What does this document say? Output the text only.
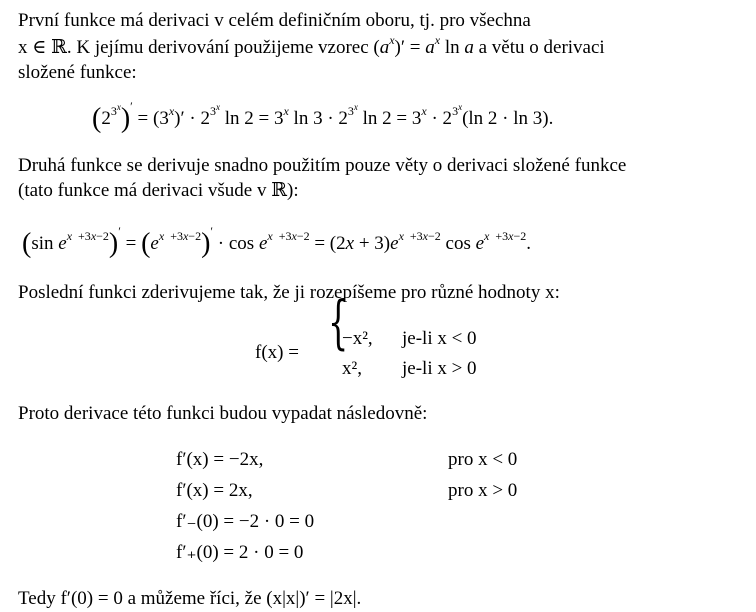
První funkce má derivaci v celém definičním oboru, tj. pro všechna
x ∈ ℝ. K jejímu derivování použijeme vzorec $(a^x)' = a^x$ ln a a větu o derivaci
složené funkce:
$(2^{3^x})' = (3^x)' \cdot 2^{3^x}$ $\ln 2 = 3^x$ $\ln 3 \cdot 2^{3^x}$ $\ln 2 = 3^x \cdot 2^{3^x}(\ln$ 2 · ln 3).
Druhá funkce se derivuje snadno použitím pouze věty o derivaci složené funkce
(tato funkce má derivaci všude v ℝ):
(sin $e^{x +3x-2})' = (e^{x +3x-2})' \cdot \cos e^{x +3x-2} = (2x + 3)e^{x +3x-2}$ $\cos e^{x +3x-2}$.
Poslední funkci zderivujeme tak, že ji rozepíšeme pro různé hodnoty x:
f(x) = {
−x², je-li x < 0
x², je-li x > 0
Proto derivace této funkci budou vypadat následovně:
f′(x) = −2x,	pro x < 0
f′(x) = 2x,	pro x > 0
f′₋(0) = −2 · 0 = 0
f′₊(0) = 2 · 0 = 0
Tedy f′(0) = 0 a můžeme říci, že (x|x|)′ = |2x|.
